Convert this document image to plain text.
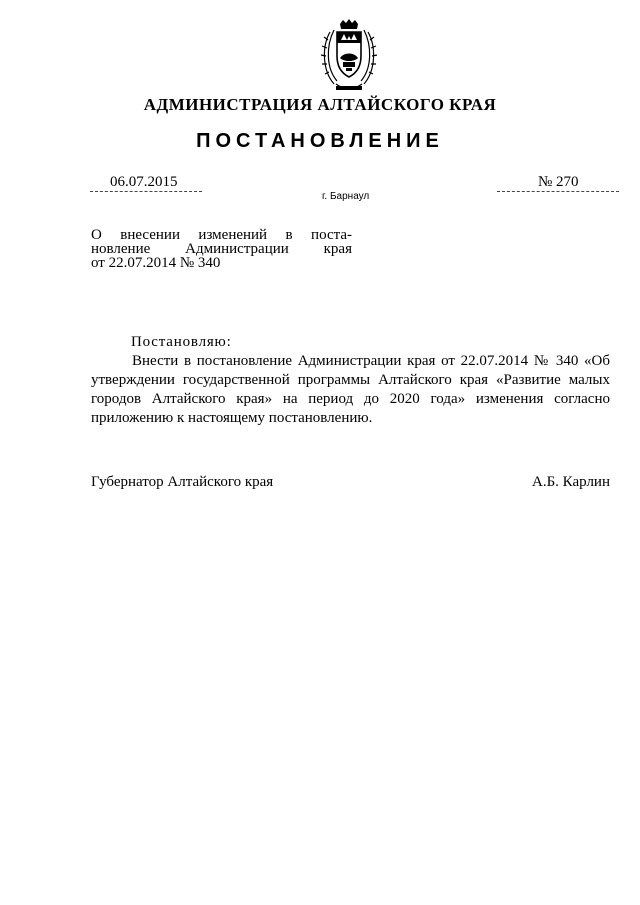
АДМИНИСТРАЦИЯ АЛТАЙСКОГО КРАЯ
ПОСТАНОВЛЕНИЕ
06.07.2015	№ 270
г. Барнаул
О внесении изменений в поста-
новление Администрации края
от 22.07.2014 № 340
Постановляю:
Внести в постановление Администрации края от 22.07.2014 № 340 «Об утверждении государственной программы Алтайского края «Развитие малых городов Алтайского края» на период до 2020 года» изменения согласно приложению к настоящему постановлению.
Губернатор Алтайского края	А.Б. Карлин
